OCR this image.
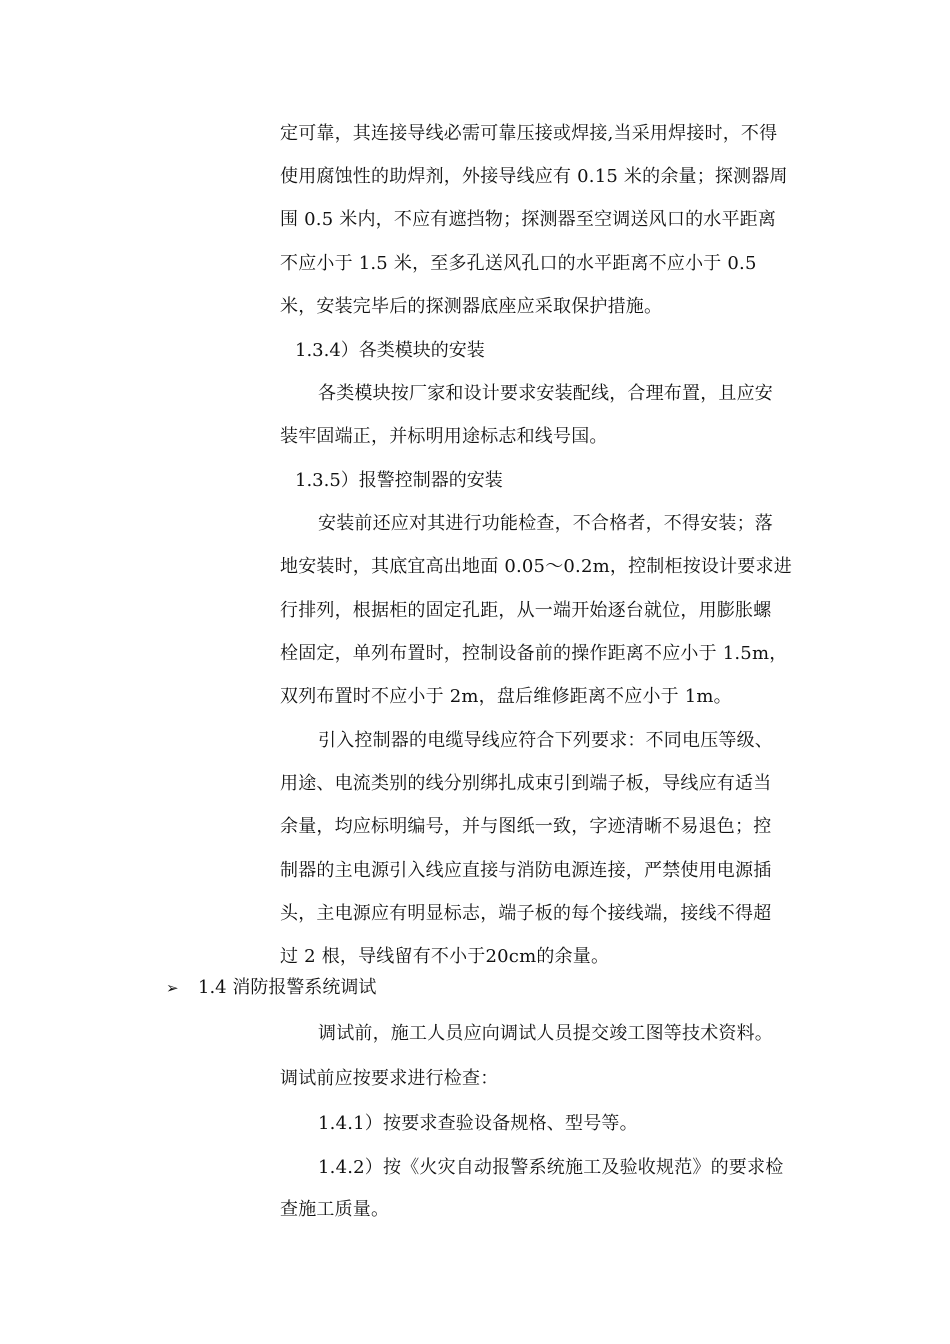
定可靠，其连接导线必需可靠压接或焊接,当采用焊接时，不得
使用腐蚀性的助焊剂，外接导线应有 0.15 米的余量；探测器周
围 0.5 米内，不应有遮挡物；探测器至空调送风口的水平距离
不应小于 1.5 米，至多孔送风孔口的水平距离不应小于 0.5
米，安装完毕后的探测器底座应采取保护措施。
1.3.4）各类模块的安装
各类模块按厂家和设计要求安装配线，合理布置，且应安
装牢固端正，并标明用途标志和线号国。
1.3.5）报警控制器的安装
安装前还应对其进行功能检查，不合格者，不得安装；落
地安装时，其底宜高出地面 0.05～0.2m，控制柜按设计要求进
行排列，根据柜的固定孔距，从一端开始逐台就位，用膨胀螺
栓固定，单列布置时，控制设备前的操作距离不应小于 1.5m，
双列布置时不应小于 2m，盘后维修距离不应小于 1m。
引入控制器的电缆导线应符合下列要求：不同电压等级、
用途、电流类别的线分别绑扎成束引到端子板，导线应有适当
余量，均应标明编号，并与图纸一致，字迹清晰不易退色；控
制器的主电源引入线应直接与消防电源连接，严禁使用电源插
头，主电源应有明显标志，端子板的每个接线端，接线不得超
过 2 根，导线留有不小于20cm的余量。
➢ 1.4 消防报警系统调试
调试前，施工人员应向调试人员提交竣工图等技术资料。
调试前应按要求进行检查：
1.4.1）按要求查验设备规格、型号等。
1.4.2）按《火灾自动报警系统施工及验收规范》的要求检
查施工质量。
